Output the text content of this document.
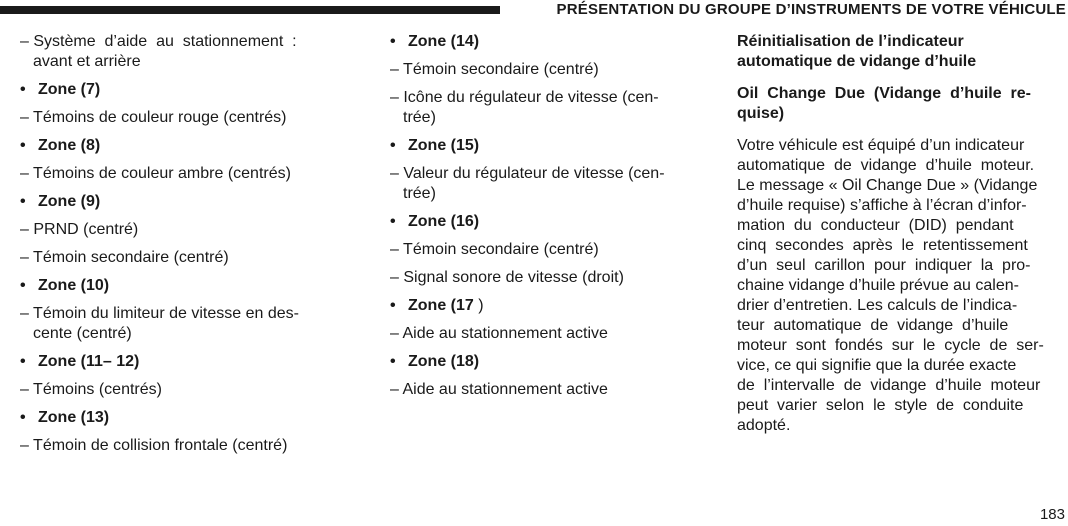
PRÉSENTATION DU GROUPE D’INSTRUMENTS DE VOTRE VÉHICULE
– Système  d’aide  au  stationnement  :
avant et arrière
• Zone (7)
– Témoins de couleur rouge (centrés)
• Zone (8)
– Témoins de couleur ambre (centrés)
• Zone (9)
– PRND (centré)
– Témoin secondaire (centré)
• Zone (10)
– Témoin du limiteur de vitesse en des-
cente (centré)
• Zone (11– 12)
– Témoins (centrés)
• Zone (13)
– Témoin de collision frontale (centré)
• Zone (14)
– Témoin secondaire (centré)
– Icône du régulateur de vitesse (cen-
trée)
• Zone (15)
– Valeur du régulateur de vitesse (cen-
trée)
• Zone (16)
– Témoin secondaire (centré)
– Signal sonore de vitesse (droit)
• Zone (17 )
– Aide au stationnement active
• Zone (18)
– Aide au stationnement active
Réinitialisation de l’indicateur
automatique de vidange d’huile
Oil  Change  Due  (Vidange  d’huile  re-
quise)
Votre véhicule est équipé d’un indicateur
automatique  de  vidange  d’huile  moteur.
Le message « Oil Change Due » (Vidange
d’huile requise) s’affiche à l’écran d’infor-
mation  du  conducteur  (DID)  pendant
cinq  secondes  après  le  retentissement
d’un  seul  carillon  pour  indiquer  la  pro-
chaine vidange d’huile prévue au calen-
drier d’entretien. Les calculs de l’indica-
teur  automatique  de  vidange  d’huile
moteur  sont  fondés  sur  le  cycle  de  ser-
vice, ce qui signifie que la durée exacte
de  l’intervalle  de  vidange  d’huile  moteur
peut  varier  selon  le  style  de  conduite
adopté.
183
